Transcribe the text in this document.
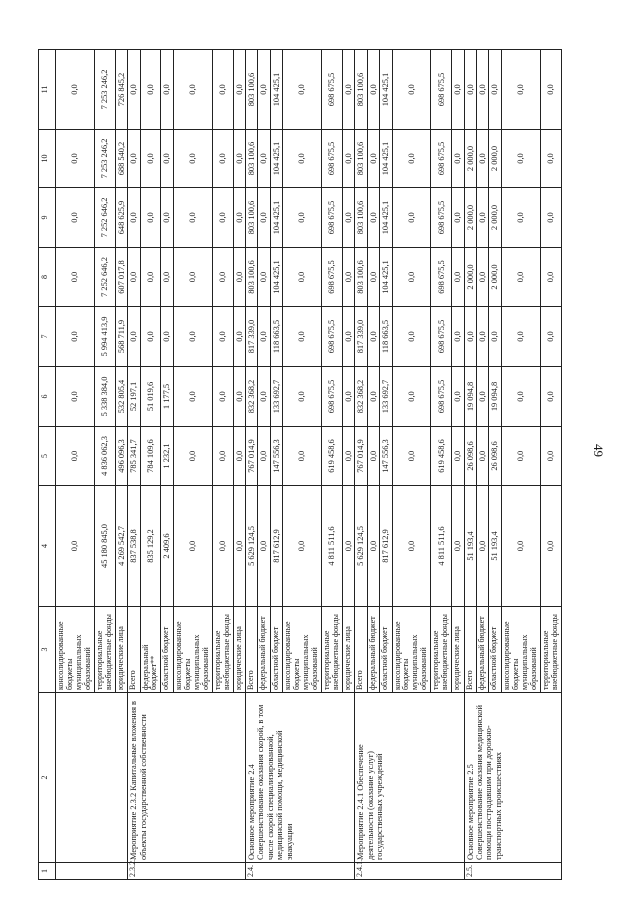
49
1	2	3	4	5	6	7	8	9	10	11
		консолидированные бюджеты муниципальных образований	0,0	0,0	0,0	0,0	0,0	0,0	0,0	0,0
		территориальные внебюджетные фонды	45 180 845,0	4 836 062,3	5 338 384,0	5 994 413,9	7 252 646,2	7 252 646,2	7 253 246,2	7 253 246,2
		юридические лица	4 269 542,7	496 096,3	532 805,4	568 711,9	607 017,8	648 625,9	688 540,2	726 845,2
2.3.2.	Мероприятие 2.3.2 Капитальные вложения в объекты государственной собственности	Всего	837 538,8	785 341,7	52 197,1	0,0	0,0	0,0	0,0	0,0
		федеральный бюджет**	835 129,2	784 109,6	51 019,6	0,0	0,0	0,0	0,0	0,0
		областной бюджет	2 409,6	1 232,1	1 177,5	0,0	0,0	0,0	0,0	0,0
		консолидированные бюджеты муниципальных образований	0,0	0,0	0,0	0,0	0,0	0,0	0,0	0,0
		территориальные внебюджетные фонды	0,0	0,0	0,0	0,0	0,0	0,0	0,0	0,0
		юридические лица	0,0	0,0	0,0	0,0	0,0	0,0	0,0	0,0
2.4.	Основное мероприятие 2.4 Совершенствование оказания скорой, в том числе скорой специализированной, медицинской помощи, медицинской эвакуации	Всего	5 629 124,5	767 014,9	832 368,2	817 339,0	803 100,6	803 100,6	803 100,6	803 100,6
		федеральный бюджет	0,0	0,0	0,0	0,0	0,0	0,0	0,0	0,0
		областной бюджет	817 612,9	147 556,3	133 692,7	118 663,5	104 425,1	104 425,1	104 425,1	104 425,1
		консолидированные бюджеты муниципальных образований	0,0	0,0	0,0	0,0	0,0	0,0	0,0	0,0
		территориальные внебюджетные фонды	4 811 511,6	619 458,6	698 675,5	698 675,5	698 675,5	698 675,5	698 675,5	698 675,5
		юридические лица	0,0	0,0	0,0	0,0	0,0	0,0	0,0	0,0
2.4.1.	Мероприятие 2.4.1 Обеспечение деятельности (оказание услуг) государственных учреждений	Всего	5 629 124,5	767 014,9	832 368,2	817 339,0	803 100,6	803 100,6	803 100,6	803 100,6
		федеральный бюджет	0,0	0,0	0,0	0,0	0,0	0,0	0,0	0,0
		областной бюджет	817 612,9	147 556,3	133 692,7	118 663,5	104 425,1	104 425,1	104 425,1	104 425,1
		консолидированные бюджеты муниципальных образований	0,0	0,0	0,0	0,0	0,0	0,0	0,0	0,0
		территориальные внебюджетные фонды	4 811 511,6	619 458,6	698 675,5	698 675,5	698 675,5	698 675,5	698 675,5	698 675,5
		юридические лица	0,0	0,0	0,0	0,0	0,0	0,0	0,0	0,0
2.5.	Основное мероприятие 2.5 Совершенствование оказания медицинской помощи пострадавшим при дорожно-транспортных происшествиях	Всего	51 193,4	26 098,6	19 094,8	0,0	2 000,0	2 000,0	2 000,0	0,0
		федеральный бюджет	0,0	0,0	0,0	0,0	0,0	0,0	0,0	0,0
		областной бюджет	51 193,4	26 098,6	19 094,8	0,0	2 000,0	2 000,0	2 000,0	0,0
		консолидированные бюджеты муниципальных образований	0,0	0,0	0,0	0,0	0,0	0,0	0,0	0,0
		территориальные внебюджетные фонды	0,0	0,0	0,0	0,0	0,0	0,0	0,0	0,0
